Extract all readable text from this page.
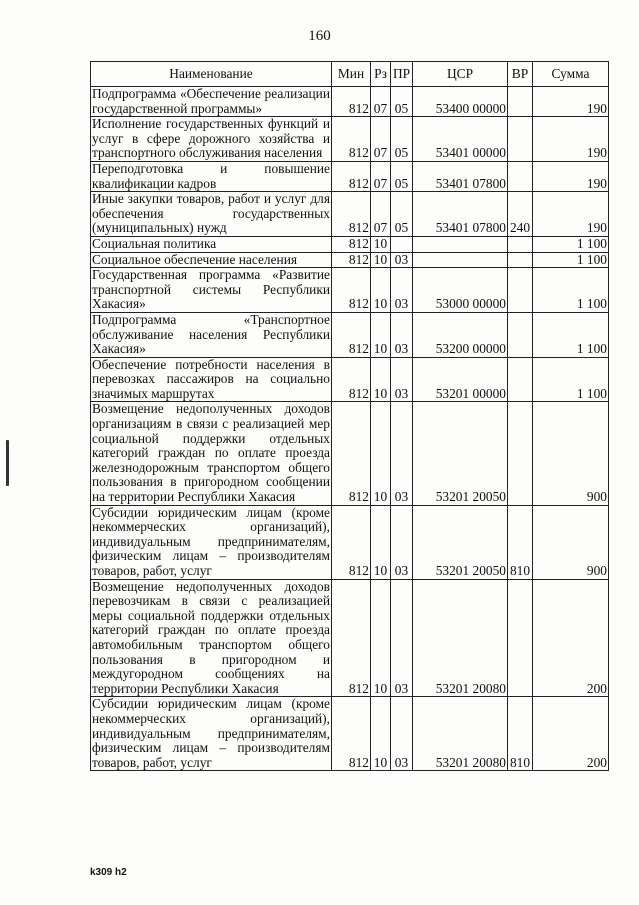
160
Наименование	Мин	Рз	ПР	ЦСР	ВР	Сумма
Подпрограмма «Обеспечение реализации государственной программы»	812	07	05	53400 00000		190
Исполнение государственных функций и услуг в сфере дорожного хозяйства и транспортного обслуживания населения	812	07	05	53401 00000		190
Переподготовка и повышение квалификации кадров	812	07	05	53401 07800		190
Иные закупки товаров, работ и услуг для обеспечения государственных (муниципальных) нужд	812	07	05	53401 07800	240	190
Социальная политика	812	10				1 100
Социальное обеспечение населения	812	10	03			1 100
Государственная программа «Развитие транспортной системы Республики Хакасия»	812	10	03	53000 00000		1 100
Подпрограмма «Транспортное обслуживание населения Республики Хакасия»	812	10	03	53200 00000		1 100
Обеспечение потребности населения в перевозках пассажиров на социально значимых маршрутах	812	10	03	53201 00000		1 100
Возмещение недополученных доходов организациям в связи с реализацией мер социальной поддержки отдельных категорий граждан по оплате проезда железнодорожным транспортом общего пользования в пригородном сообщении на территории Республики Хакасия	812	10	03	53201 20050		900
Субсидии юридическим лицам (кроме некоммерческих организаций), индивидуальным предпринимателям, физическим лицам – производителям товаров, работ, услуг	812	10	03	53201 20050	810	900
Возмещение недополученных доходов перевозчикам в связи с реализацией меры социальной поддержки отдельных категорий граждан по оплате проезда автомобильным транспортом общего пользования в пригородном и междугородном сообщениях на территории Республики Хакасия	812	10	03	53201 20080		200
Субсидии юридическим лицам (кроме некоммерческих организаций), индивидуальным предпринимателям, физическим лицам – производителям товаров, работ, услуг	812	10	03	53201 20080	810	200
k309 h2
